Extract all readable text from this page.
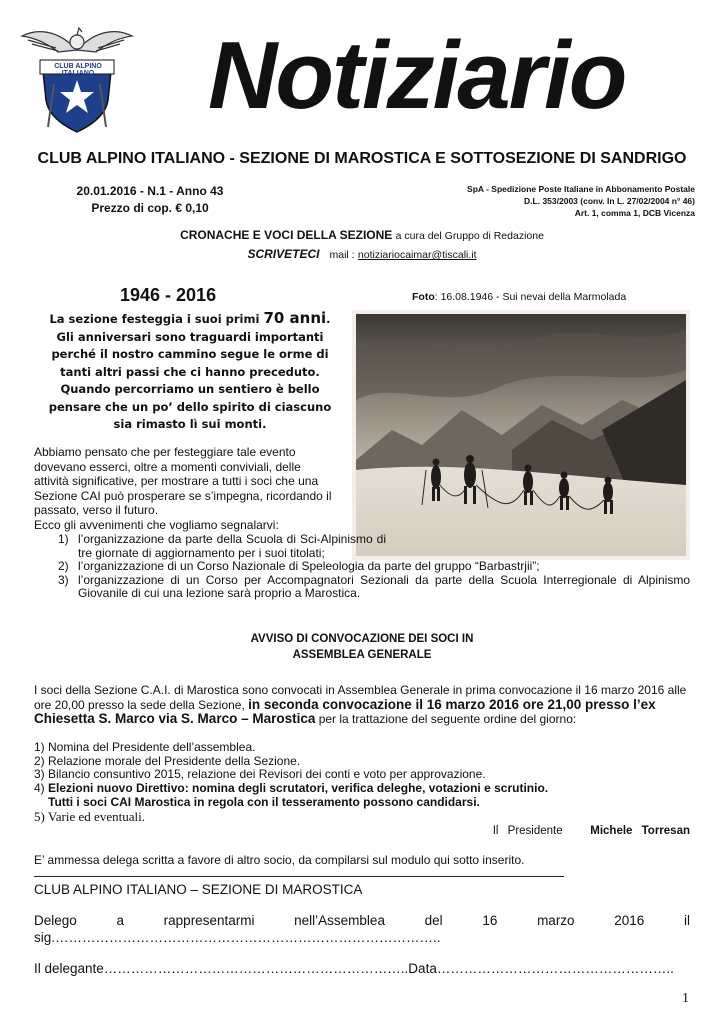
CLUB ALPINO ITALIANO Notiziario
CLUB ALPINO ITALIANO - SEZIONE DI MAROSTICA E SOTTOSEZIONE DI SANDRIGO
20.01.2016 - N.1 - Anno 43
Prezzo di cop. € 0,10
SpA - Spedizione Poste Italiane in Abbonamento Postale
D.L. 353/2003 (conv. In L. 27/02/2004 n° 46)
Art. 1, comma 1, DCB Vicenza
CRONACHE E VOCI DELLA SEZIONE a cura del Gruppo di Redazione
SCRIVETECI mail : notiziariocaimar@tiscali.it
1946 - 2016	Foto: 16.08.1946 - Sui nevai della Marmolada
La sezione festeggia i suoi primi 70 anni.
Gli anniversari sono traguardi importanti
perché il nostro cammino segue le orme di
tanti altri passi che ci hanno preceduto.
Quando percorriamo un sentiero è bello
pensare che un po’ dello spirito di ciascuno
sia rimasto lì sui monti.
Abbiamo pensato che per festeggiare tale evento
dovevano esserci, oltre a momenti conviviali, delle
attività significative, per mostrare a tutti i soci che una
Sezione CAI può prosperare se s’impegna, ricordando il
passato, verso il futuro.
Ecco gli avvenimenti che vogliamo segnalarvi:
1) l’organizzazione da parte della Scuola di Sci-Alpinismo di tre giornate di aggiornamento per i suoi titolati;
2) l’organizzazione di un Corso Nazionale di Speleologia da parte del gruppo “Barbastrjii”;
3) l’organizzazione di un Corso per Accompagnatori Sezionali da parte della Scuola Interregionale di Alpinismo Giovanile di cui una lezione sarà proprio a Marostica.
AVVISO DI CONVOCAZIONE DEI SOCI IN
ASSEMBLEA GENERALE
I soci della Sezione C.A.I. di Marostica sono convocati in Assemblea Generale in prima convocazione il 16 marzo 2016 alle ore 20,00 presso la sede della Sezione, in seconda convocazione il 16 marzo 2016 ore 21,00 presso l’ex Chiesetta S. Marco via S. Marco – Marostica per la trattazione del seguente ordine del giorno:
1) Nomina del Presidente dell’assemblea.
2) Relazione morale del Presidente della Sezione.
3) Bilancio consuntivo 2015, relazione dei Revisori dei conti e voto per approvazione.
4) Elezioni nuovo Direttivo: nomina degli scrutatori, verifica deleghe, votazioni e scrutinio.
Tutti i soci CAI Marostica in regola con il tesseramento possono candidarsi.
5) Varie ed eventuali.
Il Presidente Michele Torresan
E’ ammessa delega scritta a favore di altro socio, da compilarsi sul modulo qui sotto inserito.
CLUB ALPINO ITALIANO – SEZIONE DI MAROSTICA
Delego	a	rappresentarmi	nell’Assemblea	del	16	marzo	2016	il
sig.…………………………………………………………………………..
Il delegante…………………………………………………………..Data……………………………………………..
1
